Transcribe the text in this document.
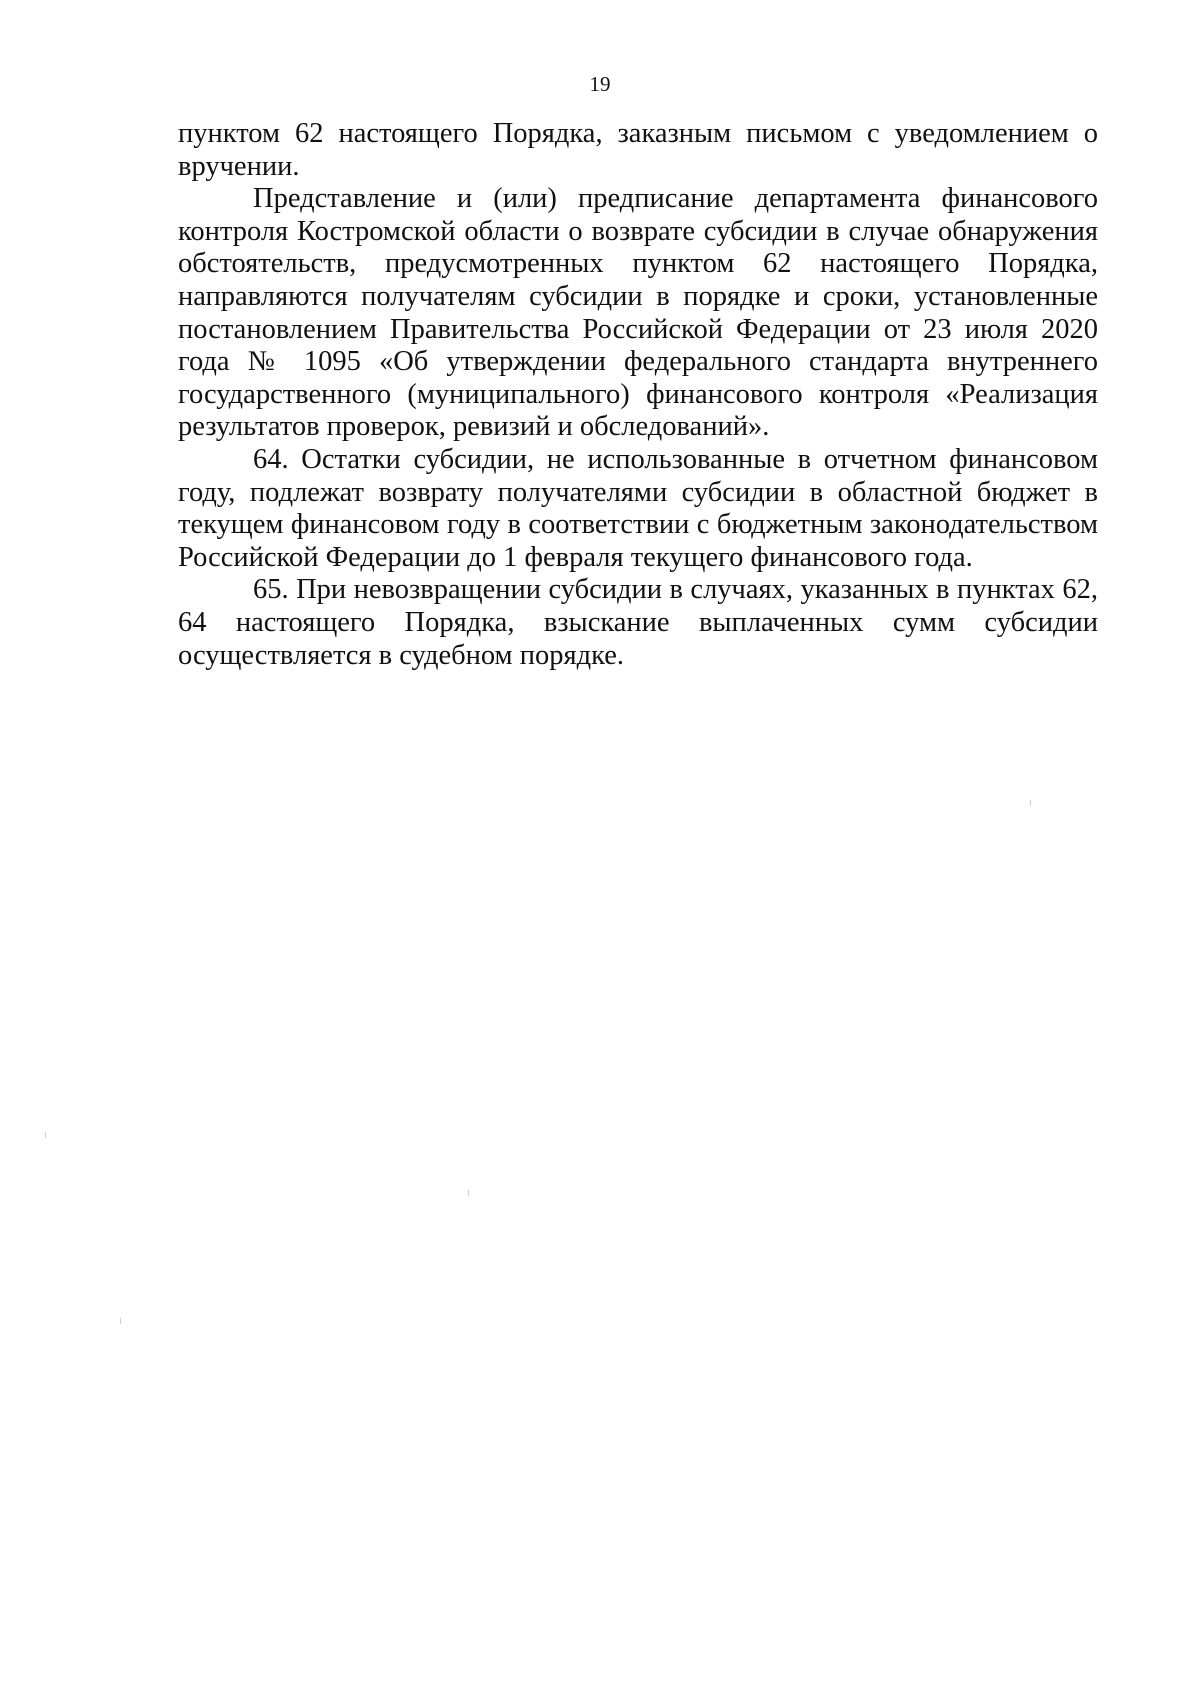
19

пунктом 62 настоящего Порядка, заказным письмом с уведомлением о вручении.

Представление и (или) предписание департамента финансового контроля Костромской области о возврате субсидии в случае обнаружения обстоятельств, предусмотренных пунктом 62 настоящего Порядка, направляются получателям субсидии в порядке и сроки, установленные постановлением Правительства Российской Федерации от 23 июля 2020 года № 1095 «Об утверждении федерального стандарта внутреннего государственного (муниципального) финансового контроля «Реализация результатов проверок, ревизий и обследований».

64. Остатки субсидии, не использованные в отчетном финансовом году, подлежат возврату получателями субсидии в областной бюджет в текущем финансовом году в соответствии с бюджетным законодательством Российской Федерации до 1 февраля текущего финансового года.

65. При невозвращении субсидии в случаях, указанных в пунктах 62, 64 настоящего Порядка, взыскание выплаченных сумм субсидии осуществляется в судебном порядке.
